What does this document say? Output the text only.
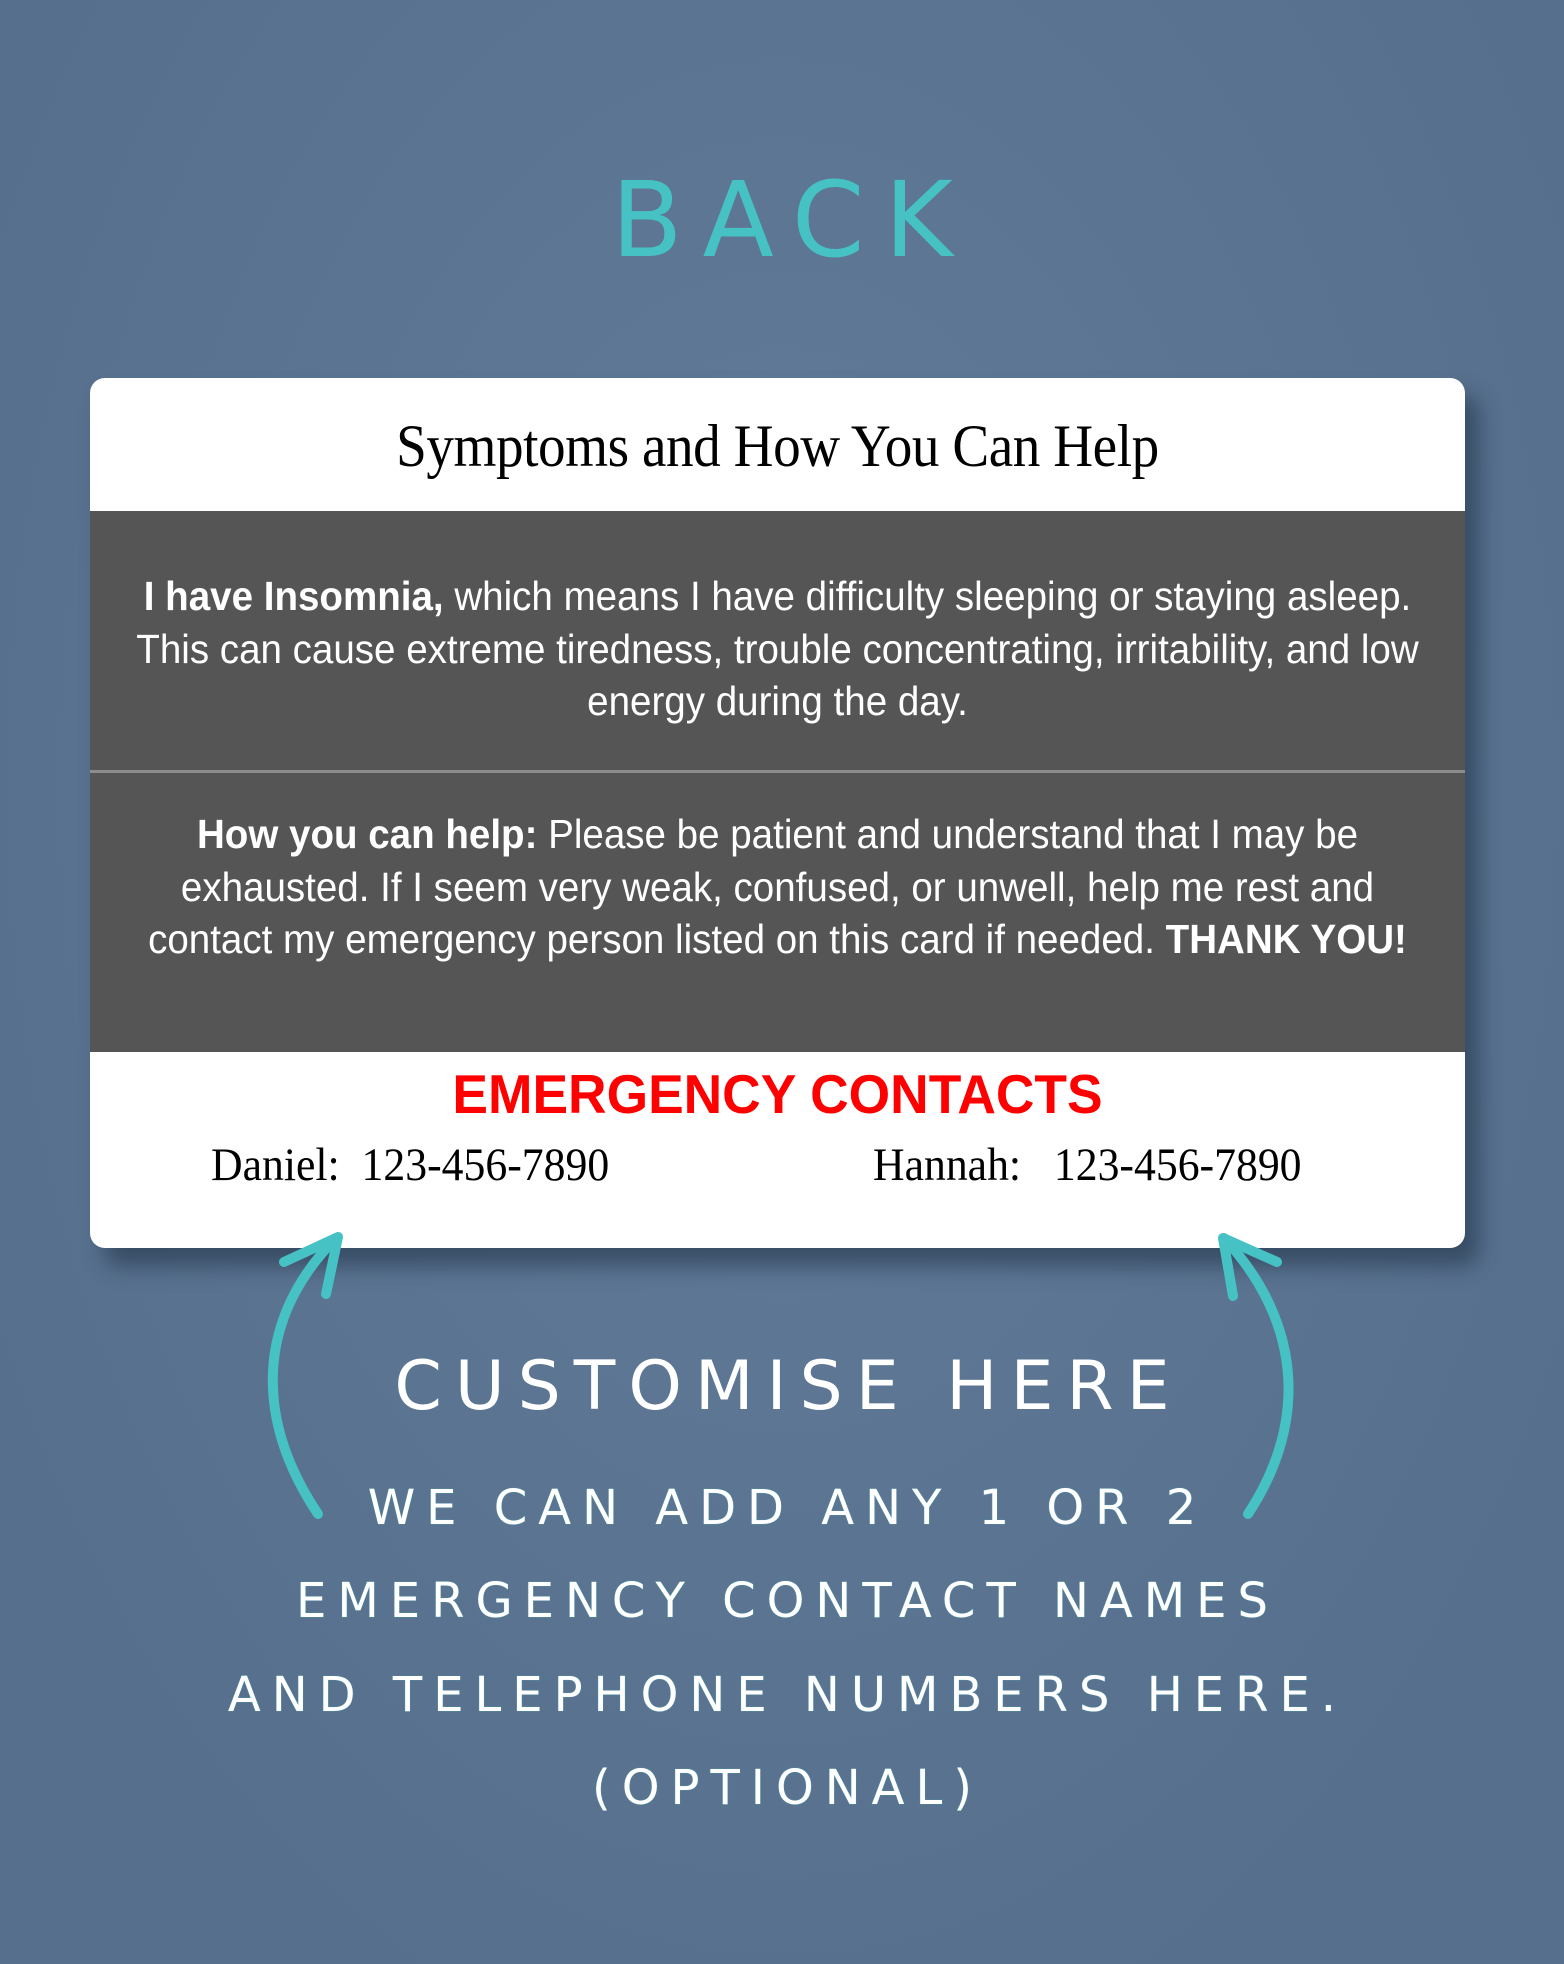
BACK
Symptoms and How You Can Help
I have Insomnia, which means I have difficulty sleeping or staying asleep. This can cause extreme tiredness, trouble concentrating, irritability, and low energy during the day.
How you can help: Please be patient and understand that I may be exhausted. If I seem very weak, confused, or unwell, help me rest and contact my emergency person listed on this card if needed. THANK YOU!
EMERGENCY CONTACTS
Daniel: 123-456-7890	Hannah: 123-456-7890
CUSTOMISE HERE
WE CAN ADD ANY 1 OR 2
EMERGENCY CONTACT NAMES
AND TELEPHONE NUMBERS HERE.
(OPTIONAL)
